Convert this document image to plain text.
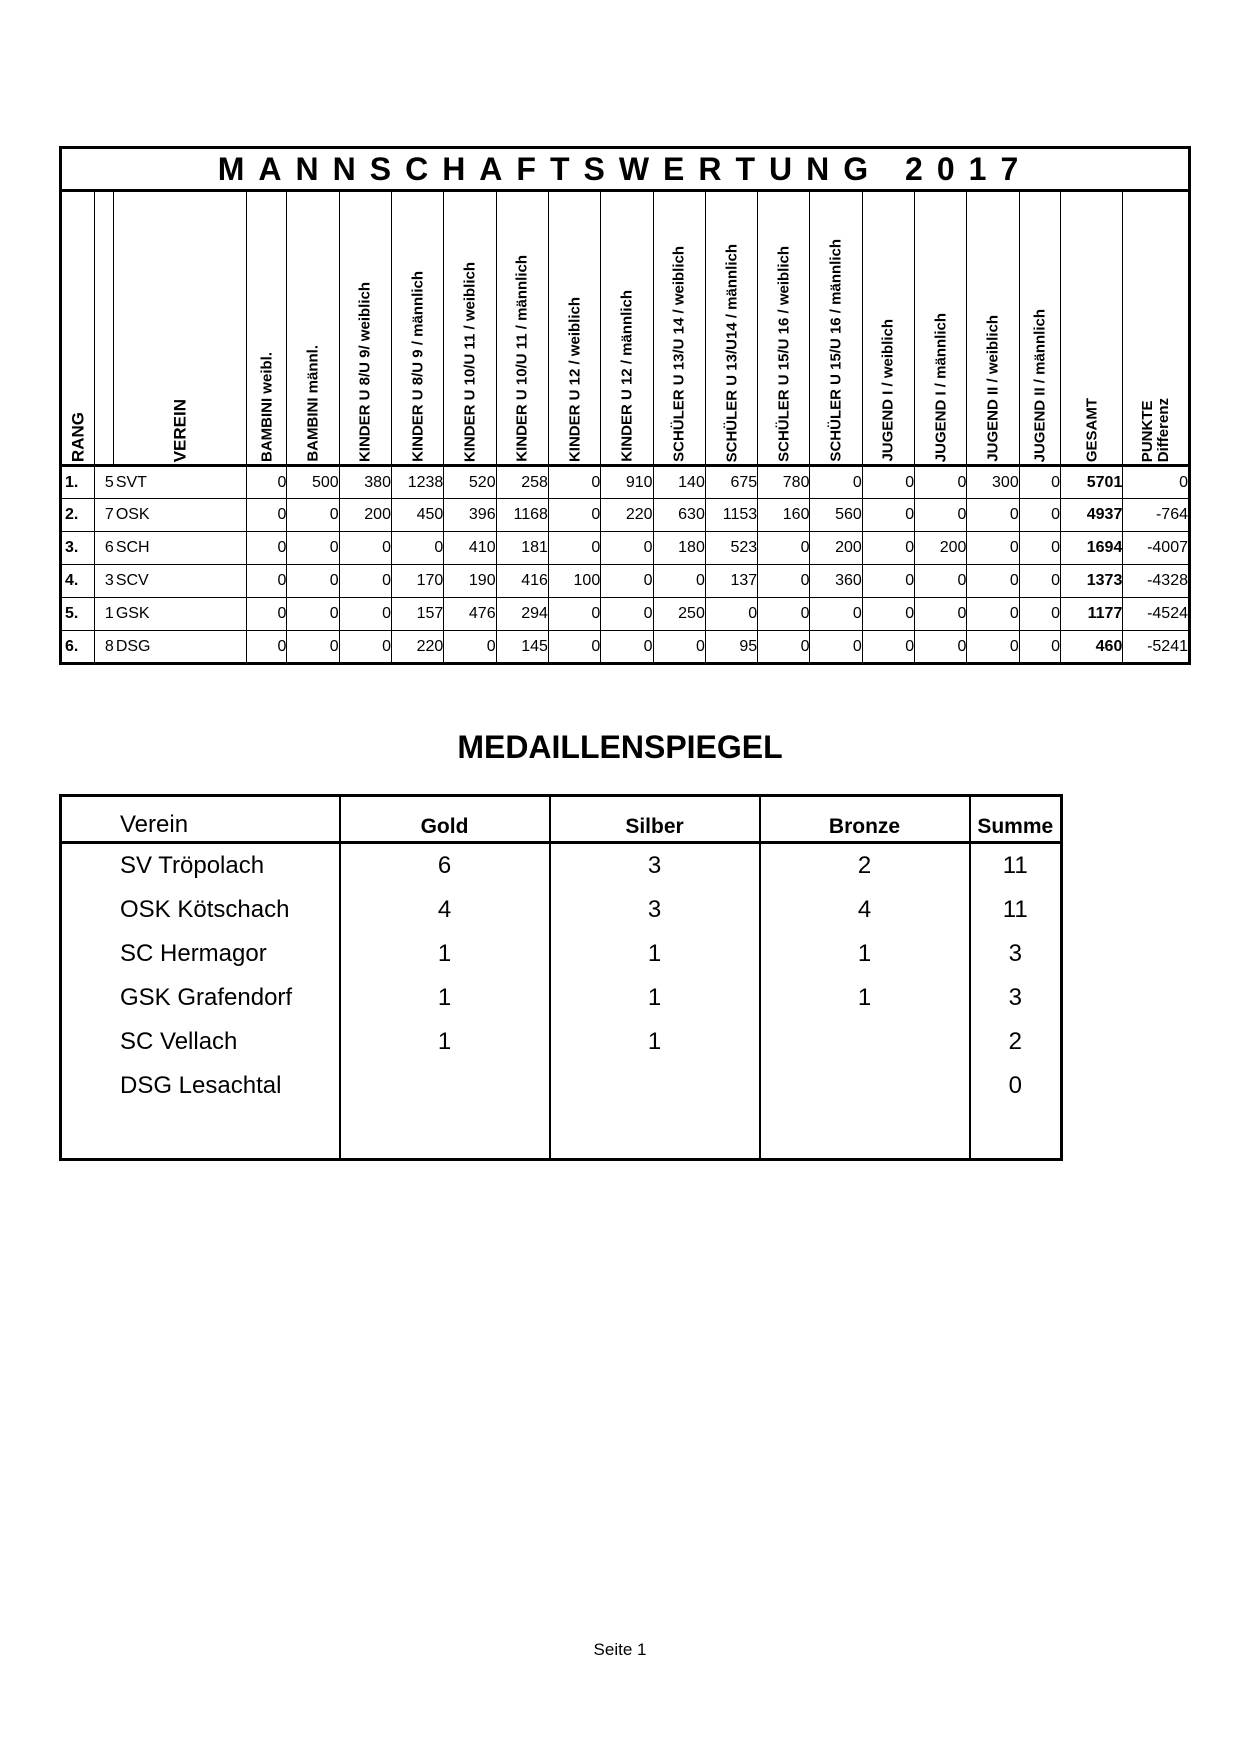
MANNSCHAFTSWERTUNG 2017																				

RANG		VEREIN	BAMBINI weibl.	BAMBINI männl.	KINDER U 8/U 9/ weiblich	KINDER U 8/U 9 / männlich	KINDER U 10/U 11 / weiblich	KINDER U 10/U 11 / männlich	KINDER U 12 / weiblich	KINDER U 12 / männlich	SCHÜLER U 13/U 14 / weiblich	SCHÜLER U 13/U14 / männlich	SCHÜLER U 15/U 16 / weiblich	SCHÜLER U 15/U 16 / männlich	JUGEND I / weiblich	JUGEND I / männlich	JUGEND II / weiblich	JUGEND II / männlich	GESAMT	PUNKTE
Differenz

1.	5	SVT	0	500	380	1238	520	258	0	910	140	675	780	0	0	0	300	0	5701	0
2.	7	OSK	0	0	200	450	396	1168	0	220	630	1153	160	560	0	0	0	0	4937	-764
3.	6	SCH	0	0	0	0	410	181	0	0	180	523	0	200	0	200	0	0	1694	-4007
4.	3	SCV	0	0	0	170	190	416	100	0	0	137	0	360	0	0	0	0	1373	-4328
5.	1	GSK	0	0	0	157	476	294	0	0	250	0	0	0	0	0	0	0	1177	-4524
6.	8	DSG	0	0	0	220	0	145	0	0	0	95	0	0	0	0	0	0	460	-5241
MEDAILLENSPIEGEL
Verein	Gold	Silber	Bronze	Summe
SV Tröpolach	6	3	2	11
OSK Kötschach	4	3	4	11
SC Hermagor	1	1	1	3
GSK Grafendorf	1	1	1	3
SC Vellach	1	1		2
DSG Lesachtal				0

Seite 1
